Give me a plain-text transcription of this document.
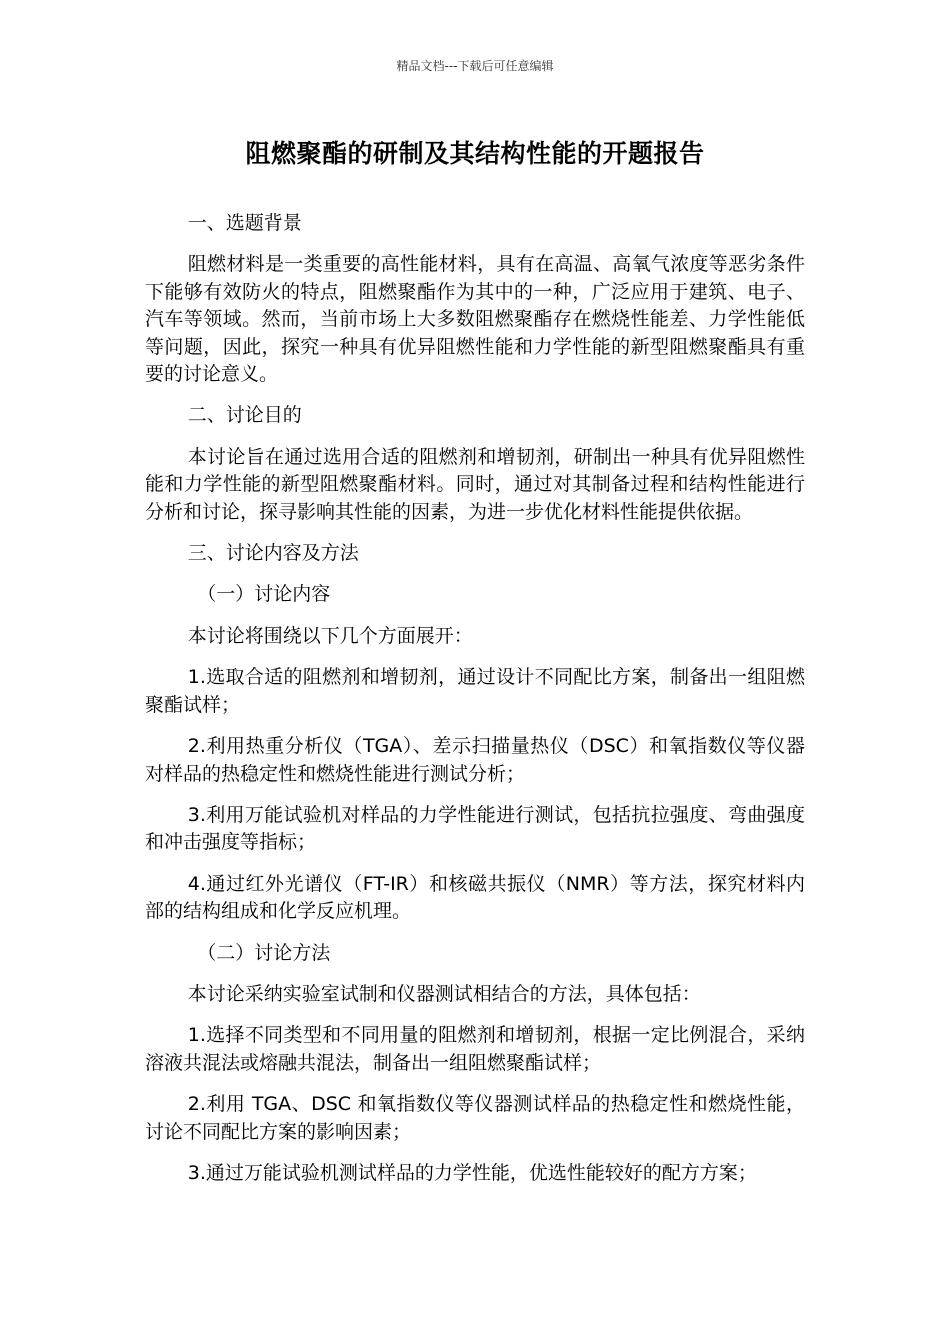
精品文档---下载后可任意编辑
阻燃聚酯的研制及其结构性能的开题报告

一、选题背景

阻燃材料是一类重要的高性能材料，具有在高温、高氧气浓度等恶劣条件下能够有效防火的特点，阻燃聚酯作为其中的一种，广泛应用于建筑、电子、汽车等领域。然而，当前市场上大多数阻燃聚酯存在燃烧性能差、力学性能低等问题，因此，探究一种具有优异阻燃性能和力学性能的新型阻燃聚酯具有重要的讨论意义。

二、讨论目的

本讨论旨在通过选用合适的阻燃剂和增韧剂，研制出一种具有优异阻燃性能和力学性能的新型阻燃聚酯材料。同时，通过对其制备过程和结构性能进行分析和讨论，探寻影响其性能的因素，为进一步优化材料性能提供依据。

三、讨论内容及方法

（一）讨论内容

本讨论将围绕以下几个方面展开：

1.选取合适的阻燃剂和增韧剂，通过设计不同配比方案，制备出一组阻燃聚酯试样；

2.利用热重分析仪（TGA）、差示扫描量热仪（DSC）和氧指数仪等仪器对样品的热稳定性和燃烧性能进行测试分析；

3.利用万能试验机对样品的力学性能进行测试，包括抗拉强度、弯曲强度和冲击强度等指标；

4.通过红外光谱仪（FT-IR）和核磁共振仪（NMR）等方法，探究材料内部的结构组成和化学反应机理。

（二）讨论方法

本讨论采纳实验室试制和仪器测试相结合的方法，具体包括：

1.选择不同类型和不同用量的阻燃剂和增韧剂，根据一定比例混合，采纳溶液共混法或熔融共混法，制备出一组阻燃聚酯试样；

2.利用 TGA、DSC 和氧指数仪等仪器测试样品的热稳定性和燃烧性能，讨论不同配比方案的影响因素；

3.通过万能试验机测试样品的力学性能，优选性能较好的配方方案；
